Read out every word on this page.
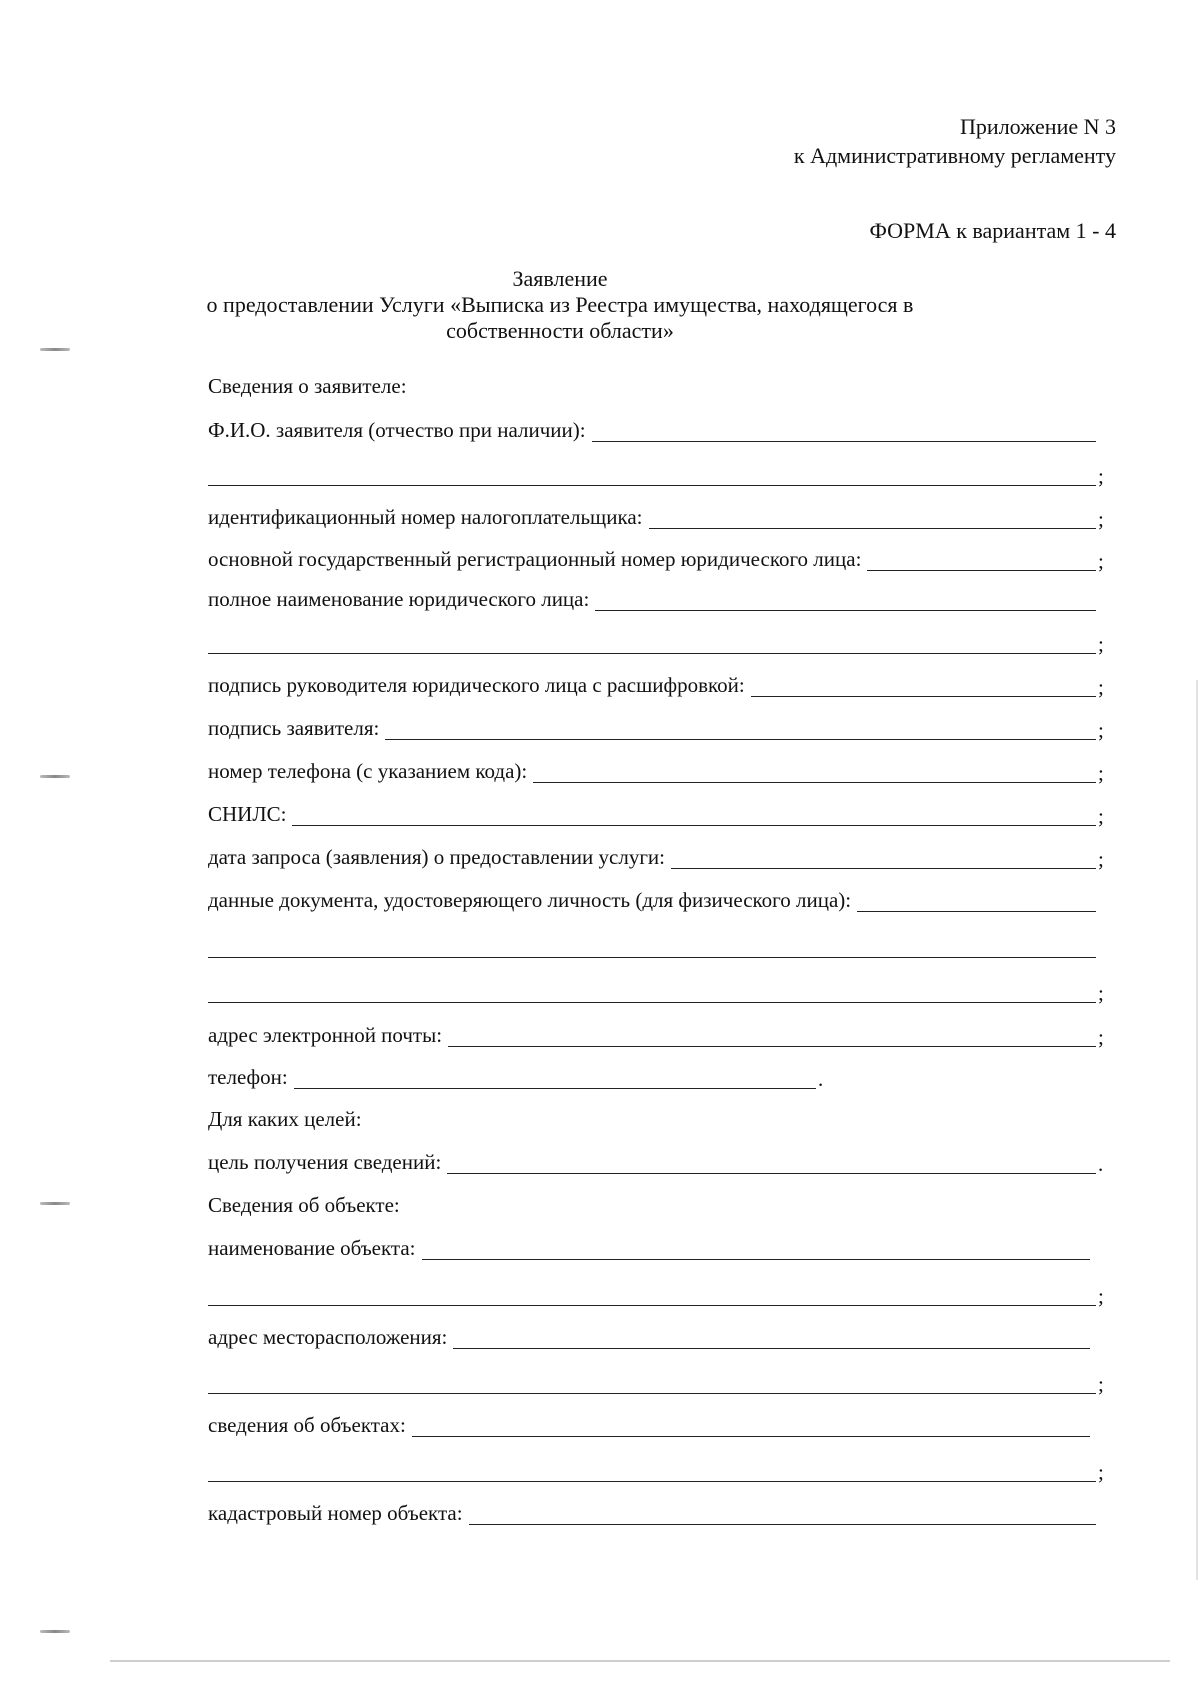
Приложение N 3
к Административному регламенту
ФОРМА к вариантам 1 - 4
Заявление
о предоставлении Услуги «Выписка из Реестра имущества, находящегося в
собственности области»
Сведения о заявителе:
Ф.И.О. заявителя (отчество при наличии):
;
идентификационный номер налогоплательщика:	;
основной государственный регистрационный номер юридического лица:	;
полное наименование юридического лица:
;
подпись руководителя юридического лица с расшифровкой:	;
подпись заявителя:	;
номер телефона (с указанием кода):	;
СНИЛС:	;
дата запроса (заявления) о предоставлении услуги:	;
данные документа, удостоверяющего личность (для физического лица):
;
адрес электронной почты:	;
телефон:	.
Для каких целей:
цель получения сведений:	.
Сведения об объекте:
наименование объекта:
;
адрес месторасположения:
;
сведения об объектах:
;
кадастровый номер объекта:
